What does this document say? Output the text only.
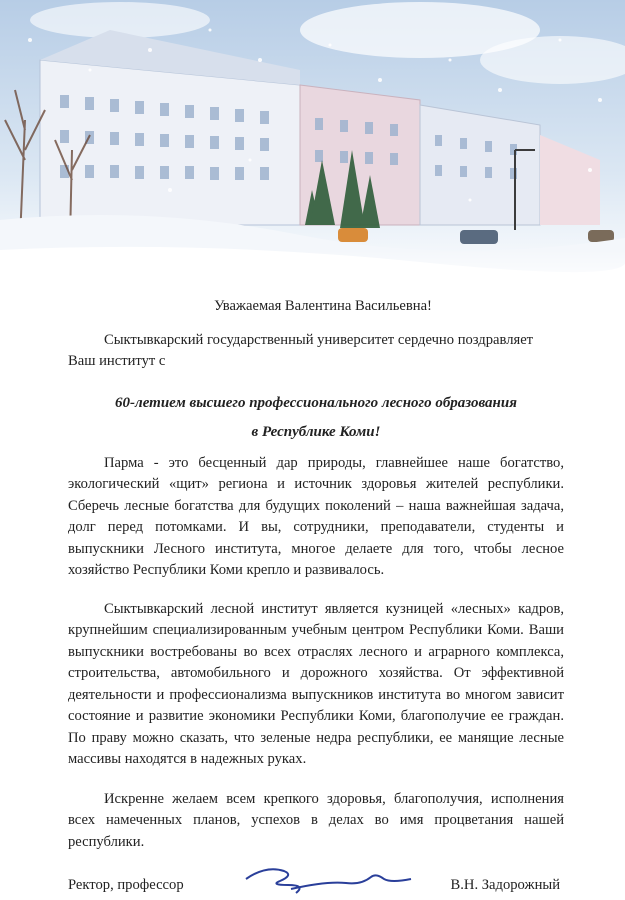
Уважаемая Валентина Васильевна!

Сыктывкарский государственный университет сердечно поздравляет Ваш институт с

60-летием высшего профессионального лесного образования

в Республике Коми!

Парма - это бесценный дар природы, главнейшее наше богатство, экологический «щит» региона и источник здоровья жителей республики. Сберечь лесные богатства для будущих поколений – наша важнейшая задача, долг перед потомками. И вы, сотрудники, преподаватели, студенты и выпускники Лесного института, многое делаете для того, чтобы лесное хозяйство Республики Коми крепло и развивалось.

Сыктывкарский лесной институт является кузницей «лесных» кадров, крупнейшим специализированным учебным центром Республики Коми. Ваши выпускники востребованы во всех отраслях лесного и аграрного комплекса, строительства, автомобильного и дорожного хозяйства. От эффективной деятельности и профессионализма выпускников института во многом зависит состояние и развитие экономики Республики Коми, благополучие ее граждан. По праву можно сказать, что зеленые недра республики, ее манящие лесные массивы находятся в надежных руках.

Искренне желаем всем крепкого здоровья, благополучия, исполнения всех намеченных планов, успехов в делах во имя процветания нашей республики.

Ректор, профессор	В.Н. Задорожный
